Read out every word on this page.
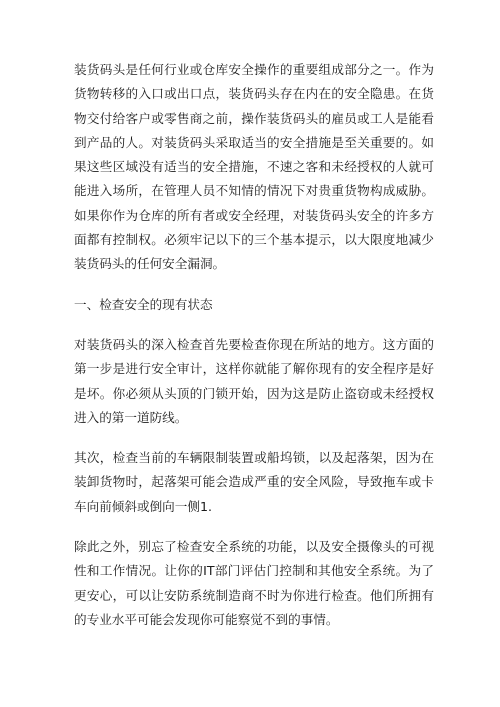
装货码头是任何行业或仓库安全操作的重要组成部分之一。作为货物转移的入口或出口点，装货码头存在内在的安全隐患。在货物交付给客户或零售商之前，操作装货码头的雇员或工人是能看到产品的人。对装货码头采取适当的安全措施是至关重要的。如果这些区域没有适当的安全措施，不速之客和未经授权的人就可能进入场所，在管理人员不知情的情况下对贵重货物构成威胁。如果你作为仓库的所有者或安全经理，对装货码头安全的许多方面都有控制权。必须牢记以下的三个基本提示，以大限度地减少装货码头的任何安全漏洞。

一、检查安全的现有状态

对装货码头的深入检查首先要检查你现在所站的地方。这方面的第一步是进行安全审计，这样你就能了解你现有的安全程序是好是坏。你必须从头顶的门锁开始，因为这是防止盗窃或未经授权进入的第一道防线。

其次，检查当前的车辆限制装置或船坞锁，以及起落架，因为在装卸货物时，起落架可能会造成严重的安全风险，导致拖车或卡车向前倾斜或倒向一侧1.

除此之外，别忘了检查安全系统的功能，以及安全摄像头的可视性和工作情况。让你的IT部门评估门控制和其他安全系统。为了更安心，可以让安防系统制造商不时为你进行检查。他们所拥有的专业水平可能会发现你可能察觉不到的事情。
